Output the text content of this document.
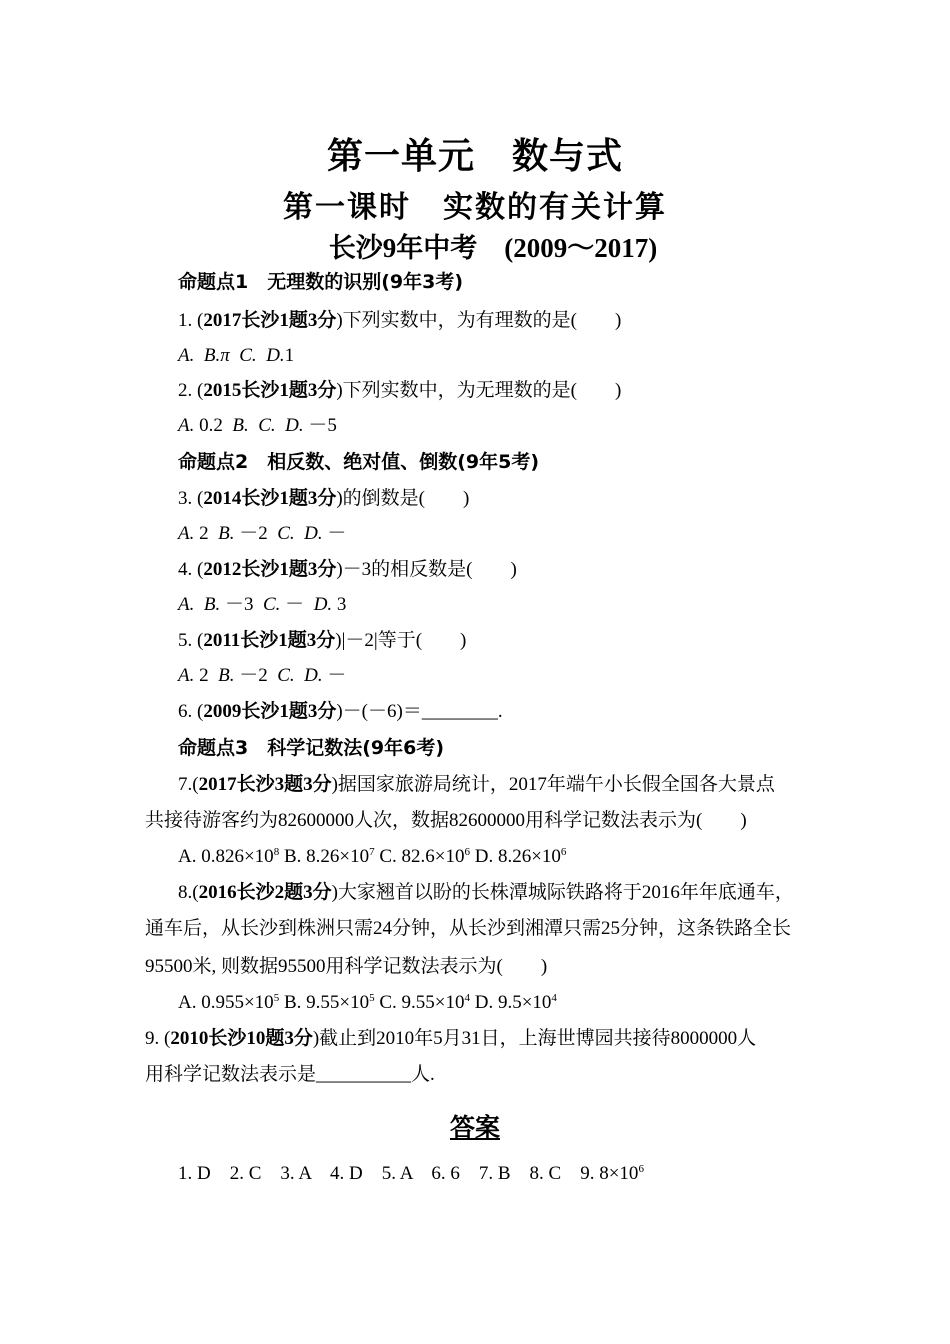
第一单元　数与式
第一课时　实数的有关计算
长沙9年中考　(2009～2017)
命题点1　无理数的识别(9年3考)
1. (2017长沙1题3分)下列实数中，为有理数的是(　　)
A. B.π C. D.1
2. (2015长沙1题3分)下列实数中，为无理数的是(　　)
A. 0.2 B. C. D. －5
命题点2　相反数、绝对值、倒数(9年5考)
3. (2014长沙1题3分)的倒数是(　　)
A. 2 B. －2 C. D. －
4. (2012长沙1题3分)－3的相反数是(　　)
A. B. －3 C. － D. 3
5. (2011长沙1题3分)|－2|等于(　　)
A. 2 B. －2 C. D. －
6. (2009长沙1题3分)－(－6)＝________.
命题点3　科学记数法(9年6考)
7.(2017长沙3题3分)据国家旅游局统计，2017年端午小长假全国各大景点
共接待游客约为82600000人次，数据82600000用科学记数法表示为(　　)
A. $0.826\times 10^8$ B. $8.26\times 10^7$ C. $82.6\times 10^6$ D. $8.26\times 10^6$
8.(2016长沙2题3分)大家翘首以盼的长株潭城际铁路将于2016年年底通车，
通车后，从长沙到株洲只需24分钟，从长沙到湘潭只需25分钟，这条铁路全长
95500米, 则数据95500用科学记数法表示为(　　)
A. $0.955\times 10^5$ B. $9.55\times 10^5$ C. $9.55\times 10^4$ D. $9.5\times 10^4$
9. (2010长沙10题3分)截止到2010年5月31日，上海世博园共接待8000000人
用科学记数法表示是__________人.
答案
1. D　2. C　3. A　4. D　5. A　6. 6　7. B　8. C　9. $8\times 10^6$
